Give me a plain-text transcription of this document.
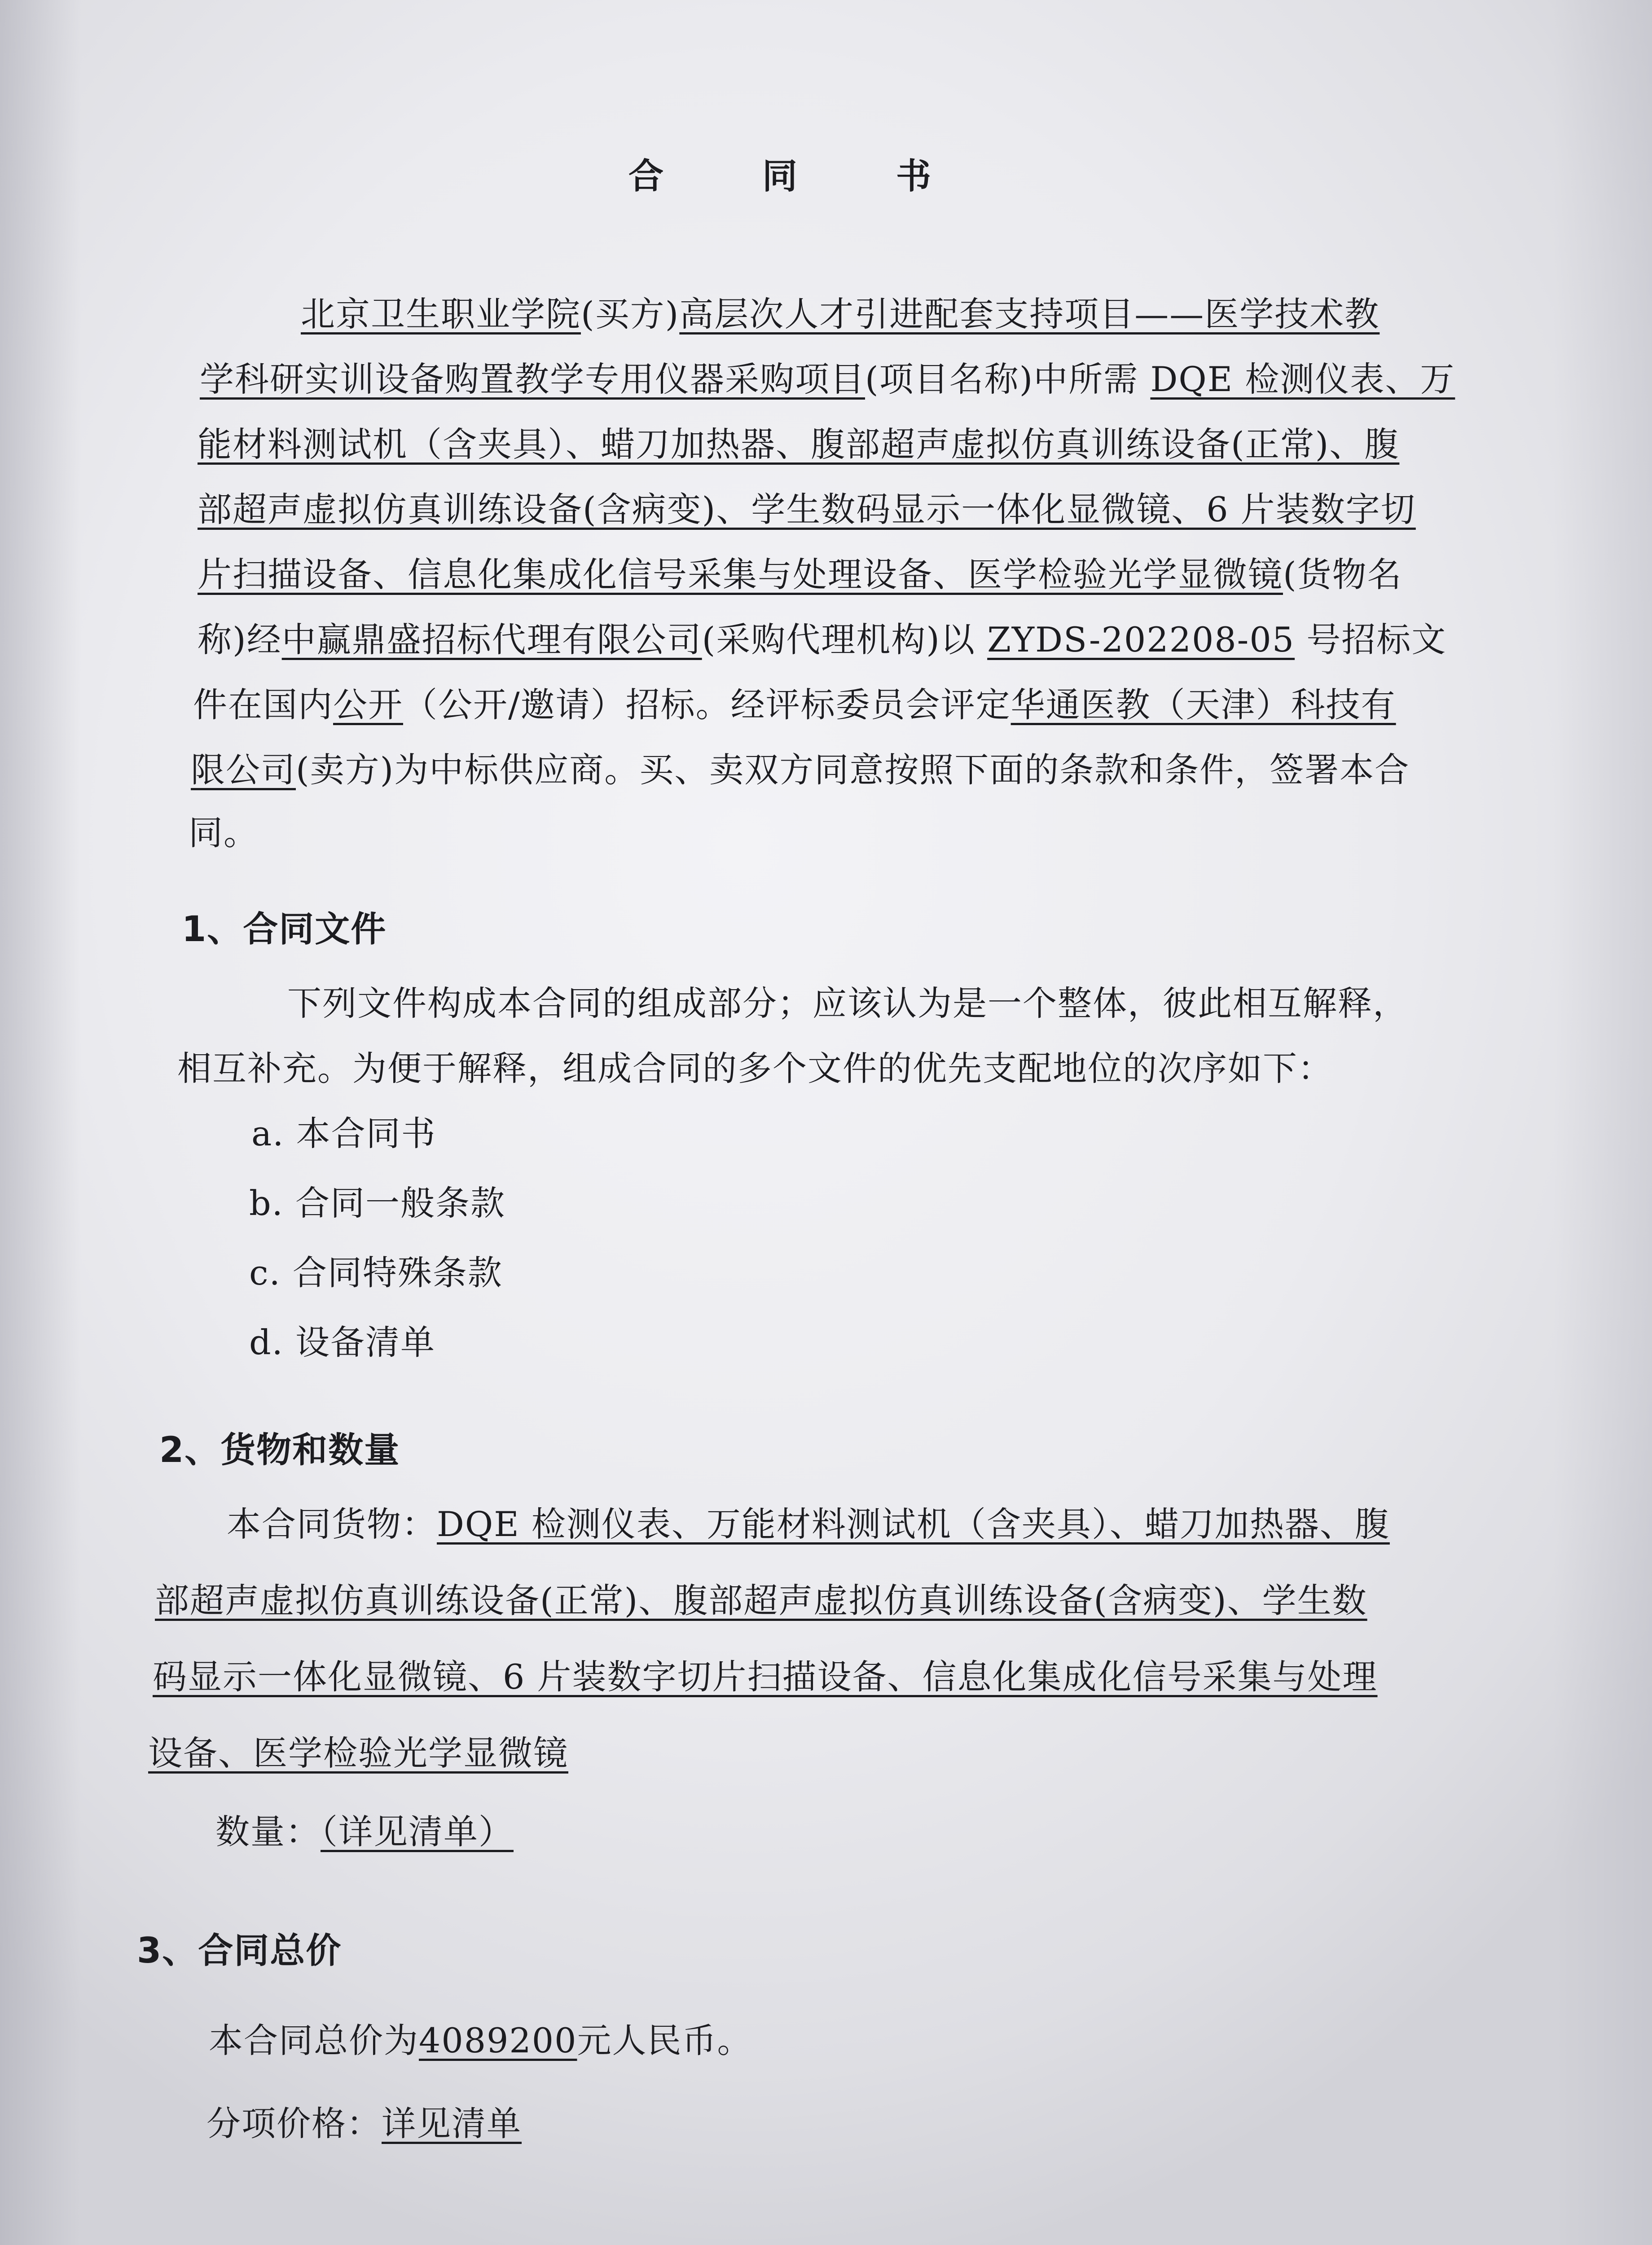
合同书
北京卫生职业学院(买方)高层次人才引进配套支持项目——医学技术教
学科研实训设备购置教学专用仪器采购项目(项目名称)中所需 DQE 检测仪表、万
能材料测试机（含夹具）、蜡刀加热器、腹部超声虚拟仿真训练设备(正常)、腹
部超声虚拟仿真训练设备(含病变)、学生数码显示一体化显微镜、6 片装数字切
片扫描设备、信息化集成化信号采集与处理设备、医学检验光学显微镜(货物名
称)经中赢鼎盛招标代理有限公司(采购代理机构)以 ZYDS-202208-05 号招标文
件在国内公开（公开/邀请）招标。经评标委员会评定华通医教（天津）科技有
限公司(卖方)为中标供应商。买、卖双方同意按照下面的条款和条件，签署本合
同。
1、合同文件
下列文件构成本合同的组成部分；应该认为是一个整体，彼此相互解释，
相互补充。为便于解释，组成合同的多个文件的优先支配地位的次序如下：
a. 本合同书
b. 合同一般条款
c. 合同特殊条款
d. 设备清单
2、货物和数量
本合同货物：DQE 检测仪表、万能材料测试机（含夹具）、蜡刀加热器、腹
部超声虚拟仿真训练设备(正常)、腹部超声虚拟仿真训练设备(含病变)、学生数
码显示一体化显微镜、6 片装数字切片扫描设备、信息化集成化信号采集与处理
设备、医学检验光学显微镜
数量：（详见清单）
3、合同总价
本合同总价为4089200元人民币。
分项价格：详见清单
